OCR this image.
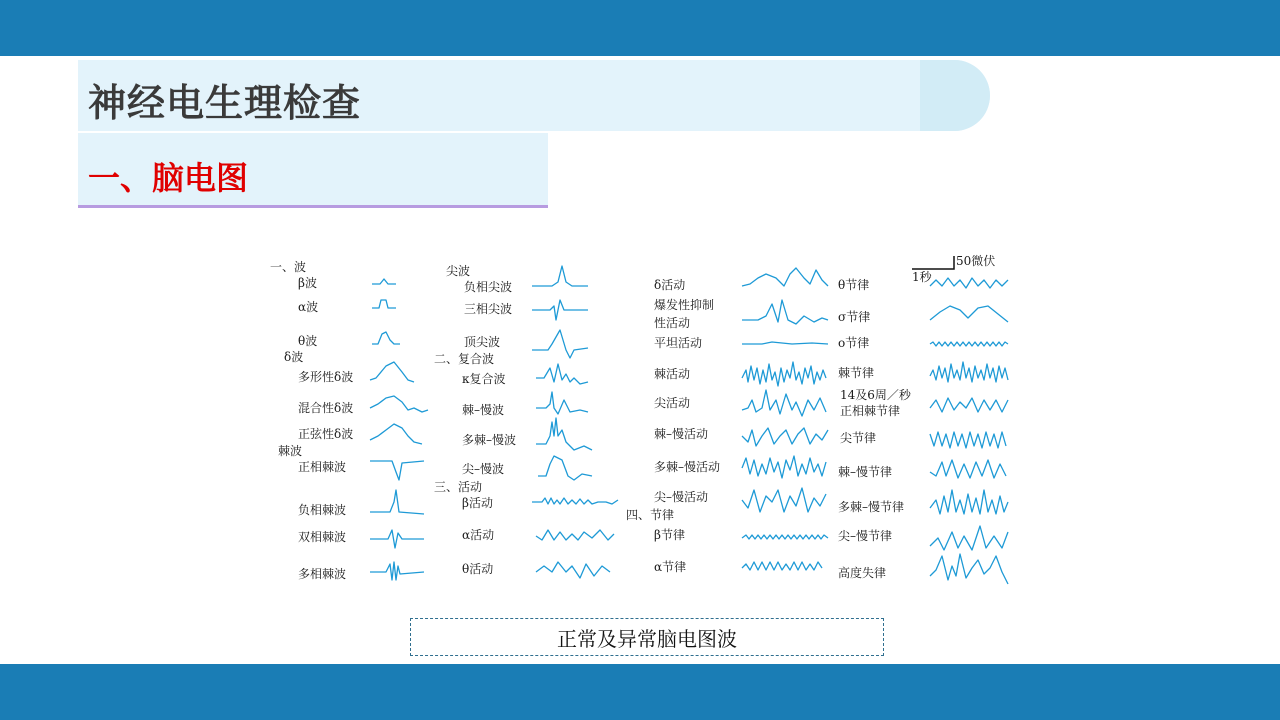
神经电生理检查
一、脑电图
50微伏
1秒
一、波
β波
α波
θ波
δ波
多形性δ波
混合性δ波
正弦性δ波
棘波
正相棘波
负相棘波
双相棘波
多相棘波
尖波
负相尖波
三相尖波
顶尖波
二、复合波
κ复合波
棘–慢波
多棘–慢波
尖–慢波
三、活动
β活动
α活动
θ活动
δ活动
爆发性抑制
性活动
平坦活动
棘活动
尖活动
棘–慢活动
多棘–慢活动
尖–慢活动
四、节律
β节律
α节律
θ节律
σ节律
ο节律
棘节律
14及6周／秒
正相棘节律
尖节律
棘–慢节律
多棘–慢节律
尖–慢节律
高度失律
正常及异常脑电图波
